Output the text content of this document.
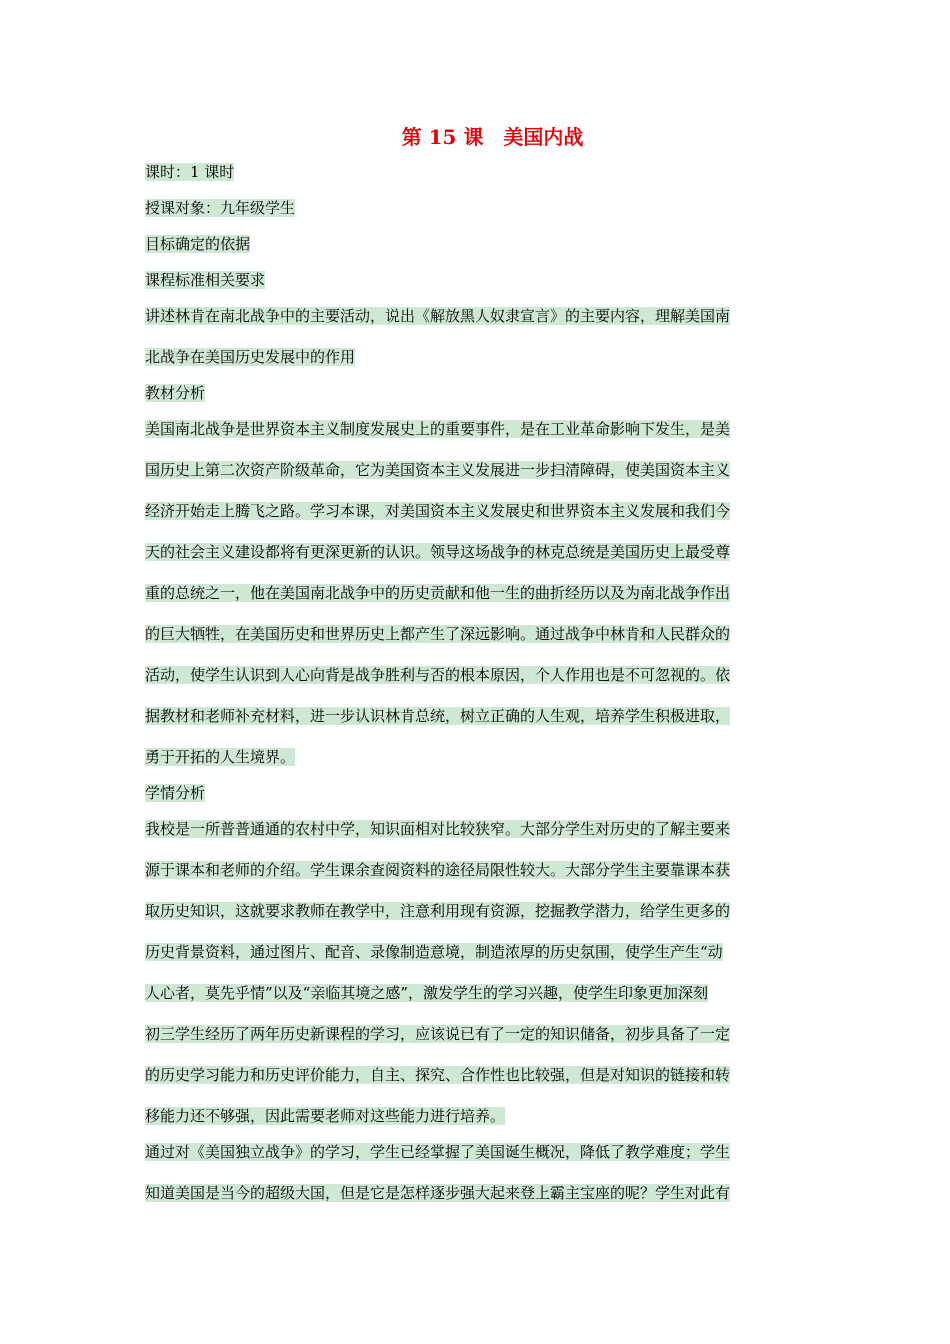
第 15 课　美国内战
课时：1 课时
授课对象：九年级学生
目标确定的依据
课程标准相关要求
讲述林肯在南北战争中的主要活动，说出《解放黑人奴隶宣言》的主要内容，理解美国南
北战争在美国历史发展中的作用
教材分析
美国南北战争是世界资本主义制度发展史上的重要事件，是在工业革命影响下发生，是美
国历史上第二次资产阶级革命，它为美国资本主义发展进一步扫清障碍，使美国资本主义
经济开始走上腾飞之路。学习本课，对美国资本主义发展史和世界资本主义发展和我们今
天的社会主义建设都将有更深更新的认识。领导这场战争的林克总统是美国历史上最受尊
重的总统之一，他在美国南北战争中的历史贡献和他一生的曲折经历以及为南北战争作出
的巨大牺牲，在美国历史和世界历史上都产生了深远影响。通过战争中林肯和人民群众的
活动，使学生认识到人心向背是战争胜利与否的根本原因，个人作用也是不可忽视的。依
据教材和老师补充材料，进一步认识林肯总统，树立正确的人生观，培养学生积极进取，
勇于开拓的人生境界。
学情分析
我校是一所普普通通的农村中学，知识面相对比较狭窄。大部分学生对历史的了解主要来
源于课本和老师的介绍。学生课余查阅资料的途径局限性较大。大部分学生主要靠课本获
取历史知识，这就要求教师在教学中，注意利用现有资源，挖掘教学潜力，给学生更多的
历史背景资料，通过图片、配音、录像制造意境，制造浓厚的历史氛围，使学生产生“动
人心者，莫先乎情”以及“亲临其境之感”，激发学生的学习兴趣，使学生印象更加深刻
初三学生经历了两年历史新课程的学习，应该说已有了一定的知识储备，初步具备了一定
的历史学习能力和历史评价能力，自主、探究、合作性也比较强，但是对知识的链接和转
移能力还不够强，因此需要老师对这些能力进行培养。
通过对《美国独立战争》的学习，学生已经掌握了美国诞生概况，降低了教学难度；学生
知道美国是当今的超级大国，但是它是怎样逐步强大起来登上霸主宝座的呢？学生对此有
